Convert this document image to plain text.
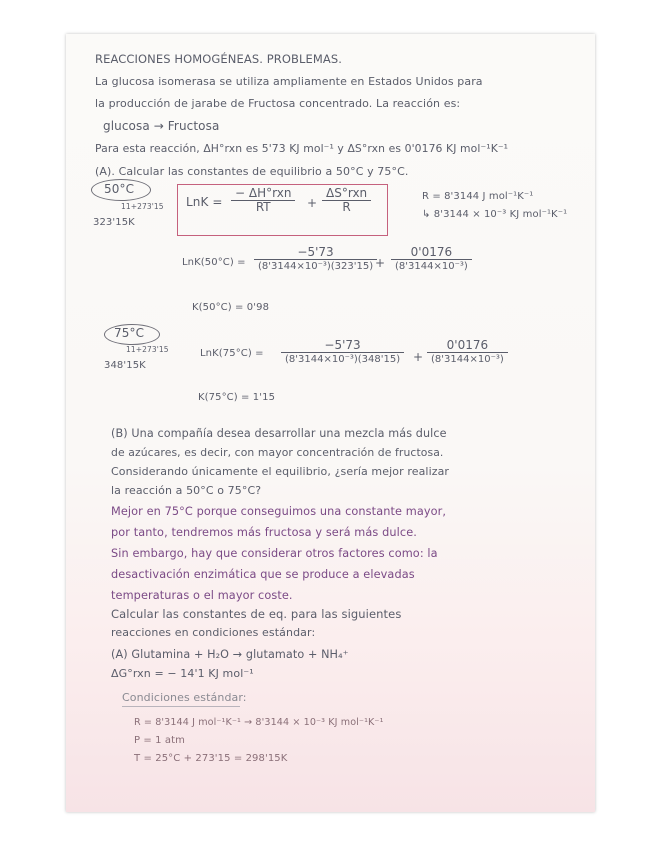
REACCIONES HOMOGÉNEAS. PROBLEMAS.
La glucosa isomerasa se utiliza ampliamente en Estados Unidos para
la producción de jarabe de Fructosa concentrado. La reacción es:
glucosa → Fructosa
Para esta reacción, ΔH°rxn es 5'73 KJ mol⁻¹ y ΔS°rxn es 0'0176 KJ mol⁻¹K⁻¹
(A). Calcular las constantes de equilibrio a 50°C y 75°C.
50°C
11+273'15
323'15K
LnK =
− ΔH°rxn
RT	+
ΔS°rxn
R
R = 8'3144 J mol⁻¹K⁻¹
↳ 8'3144 × 10⁻³ KJ mol⁻¹K⁻¹
LnK(50°C) =
−5'73
(8'3144×10⁻³)(323'15) +
0'0176
(8'3144×10⁻³)
K(50°C) = 0'98
75°C
11+273'15
348'15K
LnK(75°C) =
−5'73
(8'3144×10⁻³)(348'15)	+
0'0176
(8'3144×10⁻³)
K(75°C) = 1'15
(B) Una compañía desea desarrollar una mezcla más dulce
de azúcares, es decir, con mayor concentración de fructosa.
Considerando únicamente el equilibrio, ¿sería mejor realizar
la reacción a 50°C o 75°C?
Mejor en 75°C porque conseguimos una constante mayor,
por tanto, tendremos más fructosa y será más dulce.
Sin embargo, hay que considerar otros factores como: la
desactivación enzimática que se produce a elevadas
temperaturas o el mayor coste.
Calcular las constantes de eq. para las siguientes
reacciones en condiciones estándar:
(A) Glutamina + H₂O → glutamato + NH₄⁺
ΔG°rxn = − 14'1 KJ mol⁻¹
Condiciones estándar:
R = 8'3144 J mol⁻¹K⁻¹ → 8'3144 × 10⁻³ KJ mol⁻¹K⁻¹
P = 1 atm
T = 25°C + 273'15 = 298'15K
